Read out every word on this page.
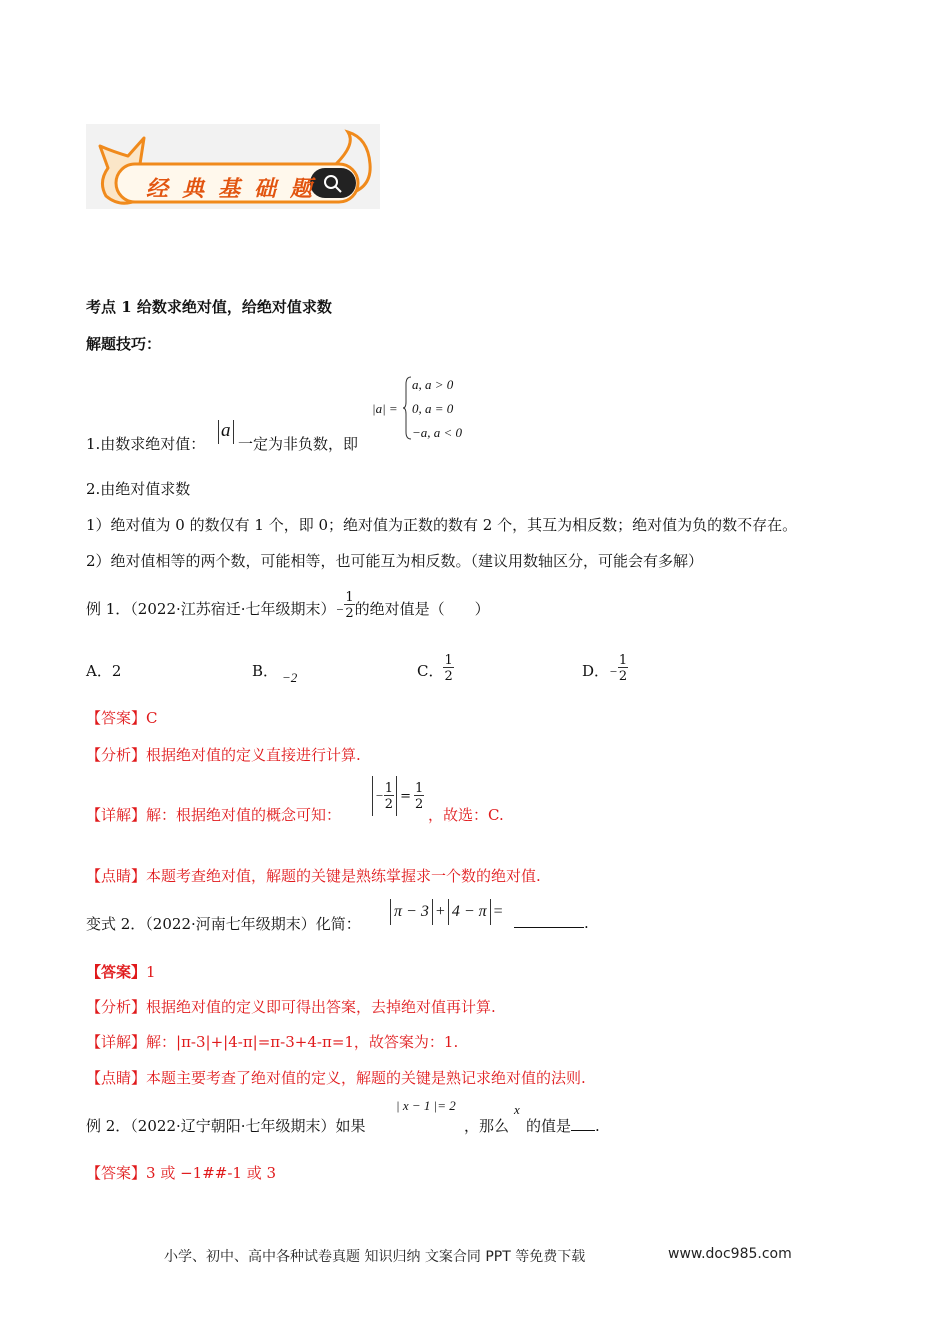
经典基础题
考点 1 给数求绝对值，给绝对值求数
解题技巧：
|a| =
a, a > 0
0, a = 0
−a, a < 0
1.由数求绝对值：
a
一定为非负数，即
2.由绝对值求数
1）绝对值为 0 的数仅有 1 个，即 0；绝对值为正数的数有 2 个，其互为相反数；绝对值为负的数不存在。
2）绝对值相等的两个数，可能相等，也可能互为相反数。（建议用数轴区分，可能会有多解）
例 1．（2022·江苏宿迁·七年级期末）− $\frac{1}{2}$ 的绝对值是（　　）
A．2	B． −2	C． $\frac{1}{2}$	D．− $\frac{1}{2}$
【答案】C
【分析】根据绝对值的定义直接进行计算.
【详解】解：根据绝对值的概念可知：
− $\frac{1}{2} = \frac{1}{2}$
，故选：C.
【点睛】本题考查绝对值，解题的关键是熟练掌握求一个数的绝对值.
变式 2．（2022·河南七年级期末）化简：
π − 3 + 4 − π =
.
【答案】1
【分析】根据绝对值的定义即可得出答案，去掉绝对值再计算.
【详解】解：|π-3|+|4-π|=π-3+4-π=1，故答案为：1.
【点睛】本题主要考查了绝对值的定义，解题的关键是熟记求绝对值的法则.
例 2．（2022·辽宁朝阳·七年级期末）如果
| x − 1 |= 2
，那么
x
的值是 .
【答案】3 或 −1##-1 或 3
小学、初中、高中各种试卷真题 知识归纳 文案合同 PPT 等免费下载	www.doc985.com
